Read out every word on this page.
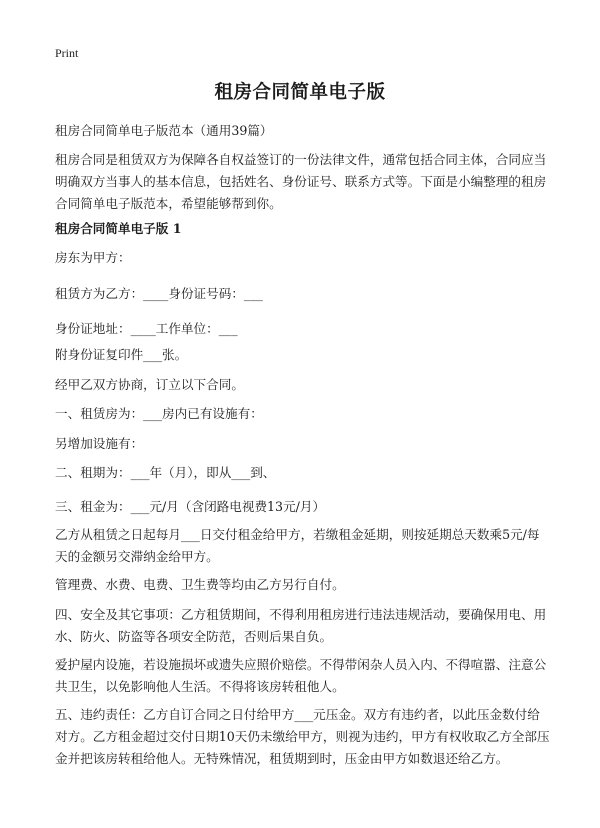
Print
租房合同简单电子版

租房合同简单电子版范本（通用39篇）

租房合同是租赁双方为保障各自权益签订的一份法律文件，通常包括合同主体，合同应当明确双方当事人的基本信息，包括姓名、身份证号、联系方式等。下面是小编整理的租房合同简单电子版范本，希望能够帮到你。

租房合同简单电子版 1

房东为甲方：

租赁方为乙方：____身份证号码：___

身份证地址：____工作单位：___

附身份证复印件___张。

经甲乙双方协商，订立以下合同。

一、租赁房为：___房内已有设施有：

另增加设施有：

二、租期为：___年（月），即从___到、

三、租金为：___元/月（含闭路电视费13元/月）

乙方从租赁之日起每月___日交付租金给甲方，若缴租金延期，则按延期总天数乘5元/每天的金额另交滞纳金给甲方。

管理费、水费、电费、卫生费等均由乙方另行自付。

四、安全及其它事项：乙方租赁期间，不得利用租房进行违法违规活动，要确保用电、用水、防火、防盗等各项安全防范，否则后果自负。

爱护屋内设施，若设施损坏或遗失应照价赔偿。不得带闲杂人员入内、不得喧嚣、注意公共卫生，以免影响他人生活。不得将该房转租他人。

五、违约责任：乙方自订合同之日付给甲方___元压金。双方有违约者，以此压金数付给对方。乙方租金超过交付日期10天仍未缴给甲方，则视为违约，甲方有权收取乙方全部压金并把该房转租给他人。无特殊情况，租赁期到时，压金由甲方如数退还给乙方。
